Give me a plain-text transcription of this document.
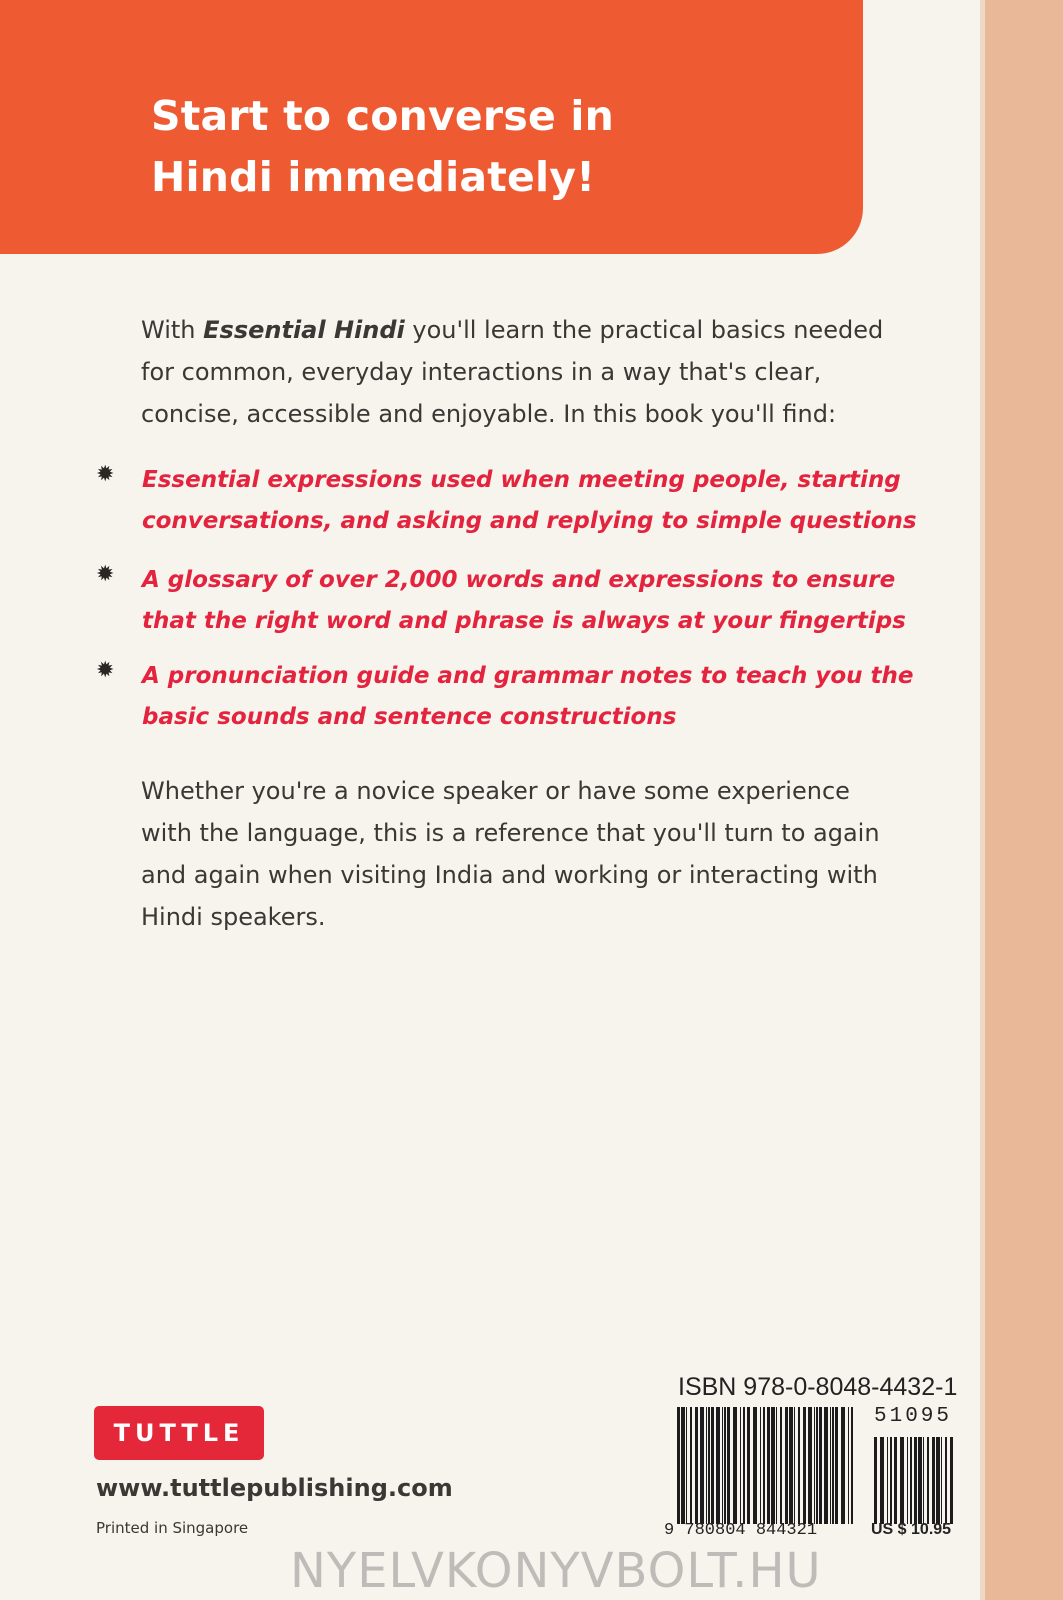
Start to converse in
Hindi immediately!
With Essential Hindi you'll learn the practical basics needed
for common, everyday interactions in a way that's clear,
concise, accessible and enjoyable. In this book you'll find:
✹ Essential expressions used when meeting people, starting
conversations, and asking and replying to simple questions
✹ A glossary of over 2,000 words and expressions to ensure
that the right word and phrase is always at your fingertips
✹ A pronunciation guide and grammar notes to teach you the
basic sounds and sentence constructions
Whether you're a novice speaker or have some experience
with the language, this is a reference that you'll turn to again
and again when visiting India and working or interacting with
Hindi speakers.
TUTTLE
www.tuttlepublishing.com
Printed in Singapore
ISBN 978-0-8048-4432-1
51095
9 780804 844321	US $ 10.95
NYELVKONYVBOLT.HU
